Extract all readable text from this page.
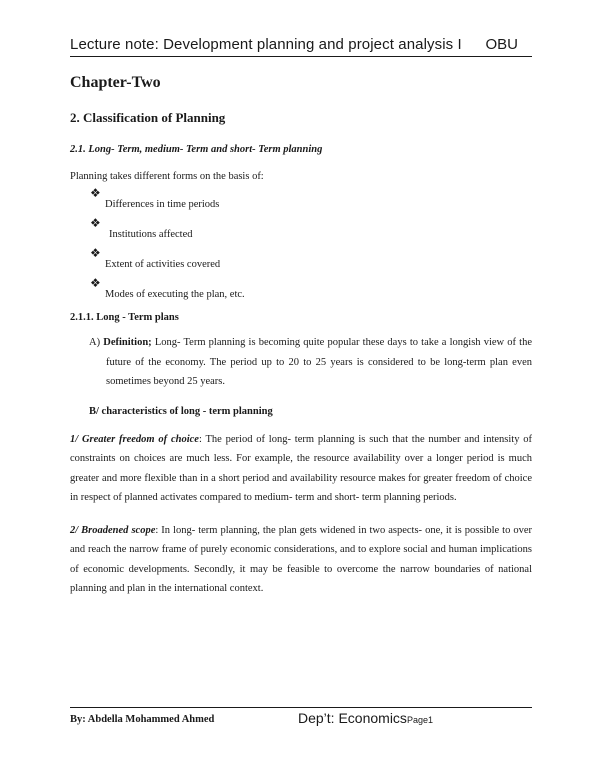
Lecture note: Development planning and project analysis I OBU

Chapter-Two

2. Classification of Planning

2.1. Long- Term, medium- Term and short- Term planning

Planning takes different forms on the basis of:

❖
Differences in time periods
❖
Institutions affected
❖
Extent of activities covered
❖
Modes of executing the plan, etc.

2.1.1. Long - Term plans

A) Definition; Long- Term planning is becoming quite popular these days to take a longish view of the future of the economy. The period up to 20 to 25 years is considered to be long-term plan even sometimes beyond 25 years.

B/ characteristics of long - term planning

1/ Greater freedom of choice: The period of long- term planning is such that the number and intensity of constraints on choices are much less. For example, the resource availability over a longer period is much greater and more flexible than in a short period and availability resource makes for greater freedom of choice in respect of planned activates compared to medium- term and short- term planning periods.

2/ Broadened scope: In long- term planning, the plan gets widened in two aspects- one, it is possible to over and reach the narrow frame of purely economic considerations, and to explore social and human implications of economic developments. Secondly, it may be feasible to overcome the narrow boundaries of national planning and plan in the international context.

By: Abdella Mohammed Ahmed	Dep’t: EconomicsPage1
